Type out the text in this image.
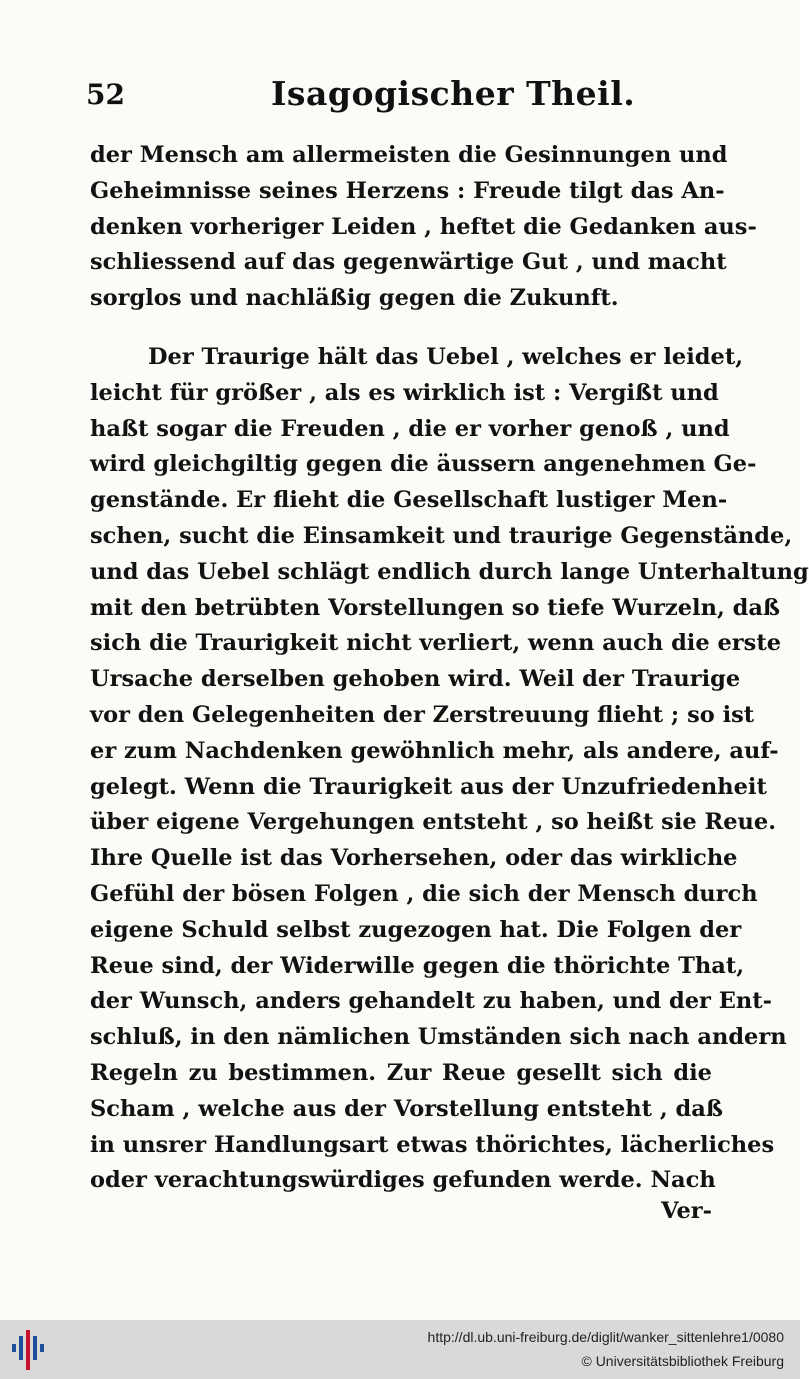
52	Isagogischer Theil.
der Mensch am allermeisten die Gesinnungen und
Geheimnisse seines Herzens : Freude tilgt das An-
denken vorheriger Leiden , heftet die Gedanken aus-
schliessend auf das gegenwärtige Gut , und macht
sorglos und nachläßig gegen die Zukunft.
Der Traurige hält das Uebel , welches er leidet,
leicht für größer , als es wirklich ist : Vergißt und
haßt sogar die Freuden , die er vorher genoß , und
wird gleichgiltig gegen die äussern angenehmen Ge-
genstände. Er flieht die Gesellschaft lustiger Men-
schen, sucht die Einsamkeit und traurige Gegenstände,
und das Uebel schlägt endlich durch lange Unterhaltung
mit den betrübten Vorstellungen so tiefe Wurzeln, daß
sich die Traurigkeit nicht verliert, wenn auch die erste
Ursache derselben gehoben wird. Weil der Traurige
vor den Gelegenheiten der Zerstreuung flieht ; so ist
er zum Nachdenken gewöhnlich mehr, als andere, auf-
gelegt. Wenn die Traurigkeit aus der Unzufriedenheit
über eigene Vergehungen entsteht , so heißt sie Reue.
Ihre Quelle ist das Vorhersehen, oder das wirkliche
Gefühl der bösen Folgen , die sich der Mensch durch
eigene Schuld selbst zugezogen hat. Die Folgen der
Reue sind, der Widerwille gegen die thörichte That,
der Wunsch, anders gehandelt zu haben, und der Ent-
schluß, in den nämlichen Umständen sich nach andern
Regeln zu bestimmen. Zur Reue gesellt sich die
Scham , welche aus der Vorstellung entsteht , daß
in unsrer Handlungsart etwas thörichtes, lächerliches
oder verachtungswürdiges gefunden werde. Nach
Ver-
http://dl.ub.uni-freiburg.de/diglit/wanker_sittenlehre1/0080
© Universitätsbibliothek Freiburg
